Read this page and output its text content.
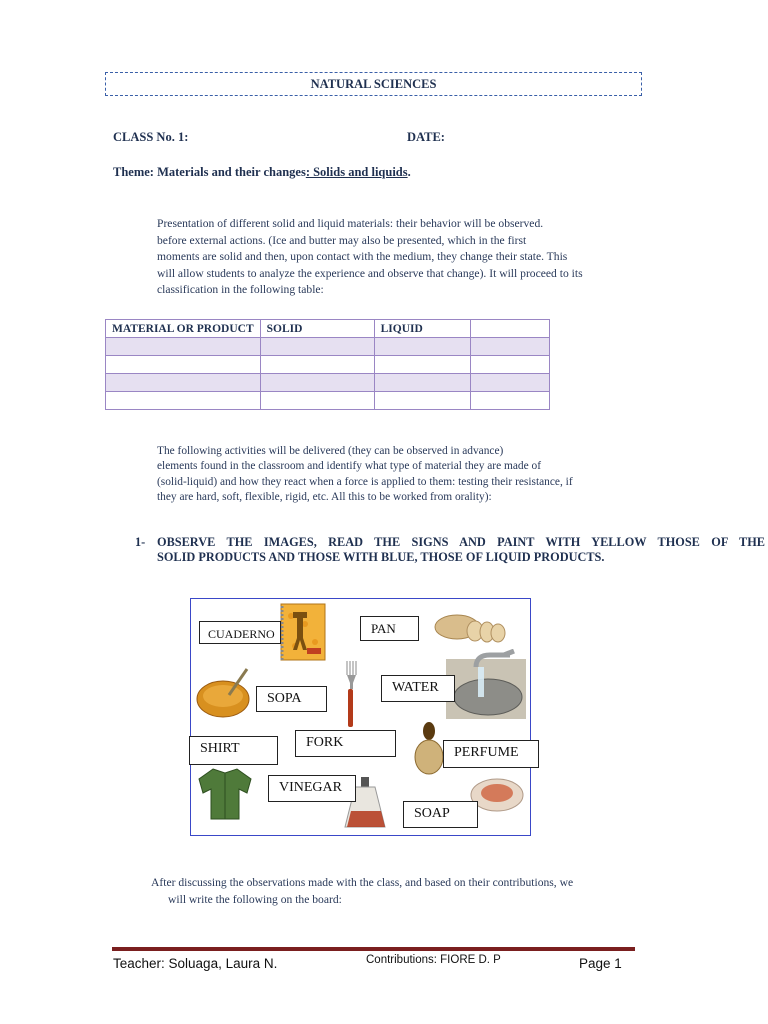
NATURAL SCIENCES
CLASS No. 1:	DATE:
Theme: Materials and their changes: Solids and liquids.
Presentation of different solid and liquid materials: their behavior will be observed.
before external actions. (Ice and butter may also be presented, which in the first
moments are solid and then, upon contact with the medium, they change their state. This
will allow students to analyze the experience and observe that change). It will proceed to its
classification in the following table:
MATERIAL OR PRODUCT	SOLID	LIQUID	

The following activities will be delivered (they can be observed in advance)
elements found in the classroom and identify what type of material they are made of
(solid-liquid) and how they react when a force is applied to them: testing their resistance, if
they are hard, soft, flexible, rigid, etc. All this to be worked from orality):
1- OBSERVE THE IMAGES, READ THE SIGNS AND PAINT WITH YELLOW THOSE OF THE
SOLID PRODUCTS AND THOSE WITH BLUE, THOSE OF LIQUID PRODUCTS.
CUADERNO	PAN
SOPA
WATER
SHIRT	FORK
PERFUME
VINEGAR
SOAP
After discussing the observations made with the class, and based on their contributions, we
will write the following on the board:
Teacher: Soluaga, Laura N.	Contributions: FIORE D. P	Page 1
